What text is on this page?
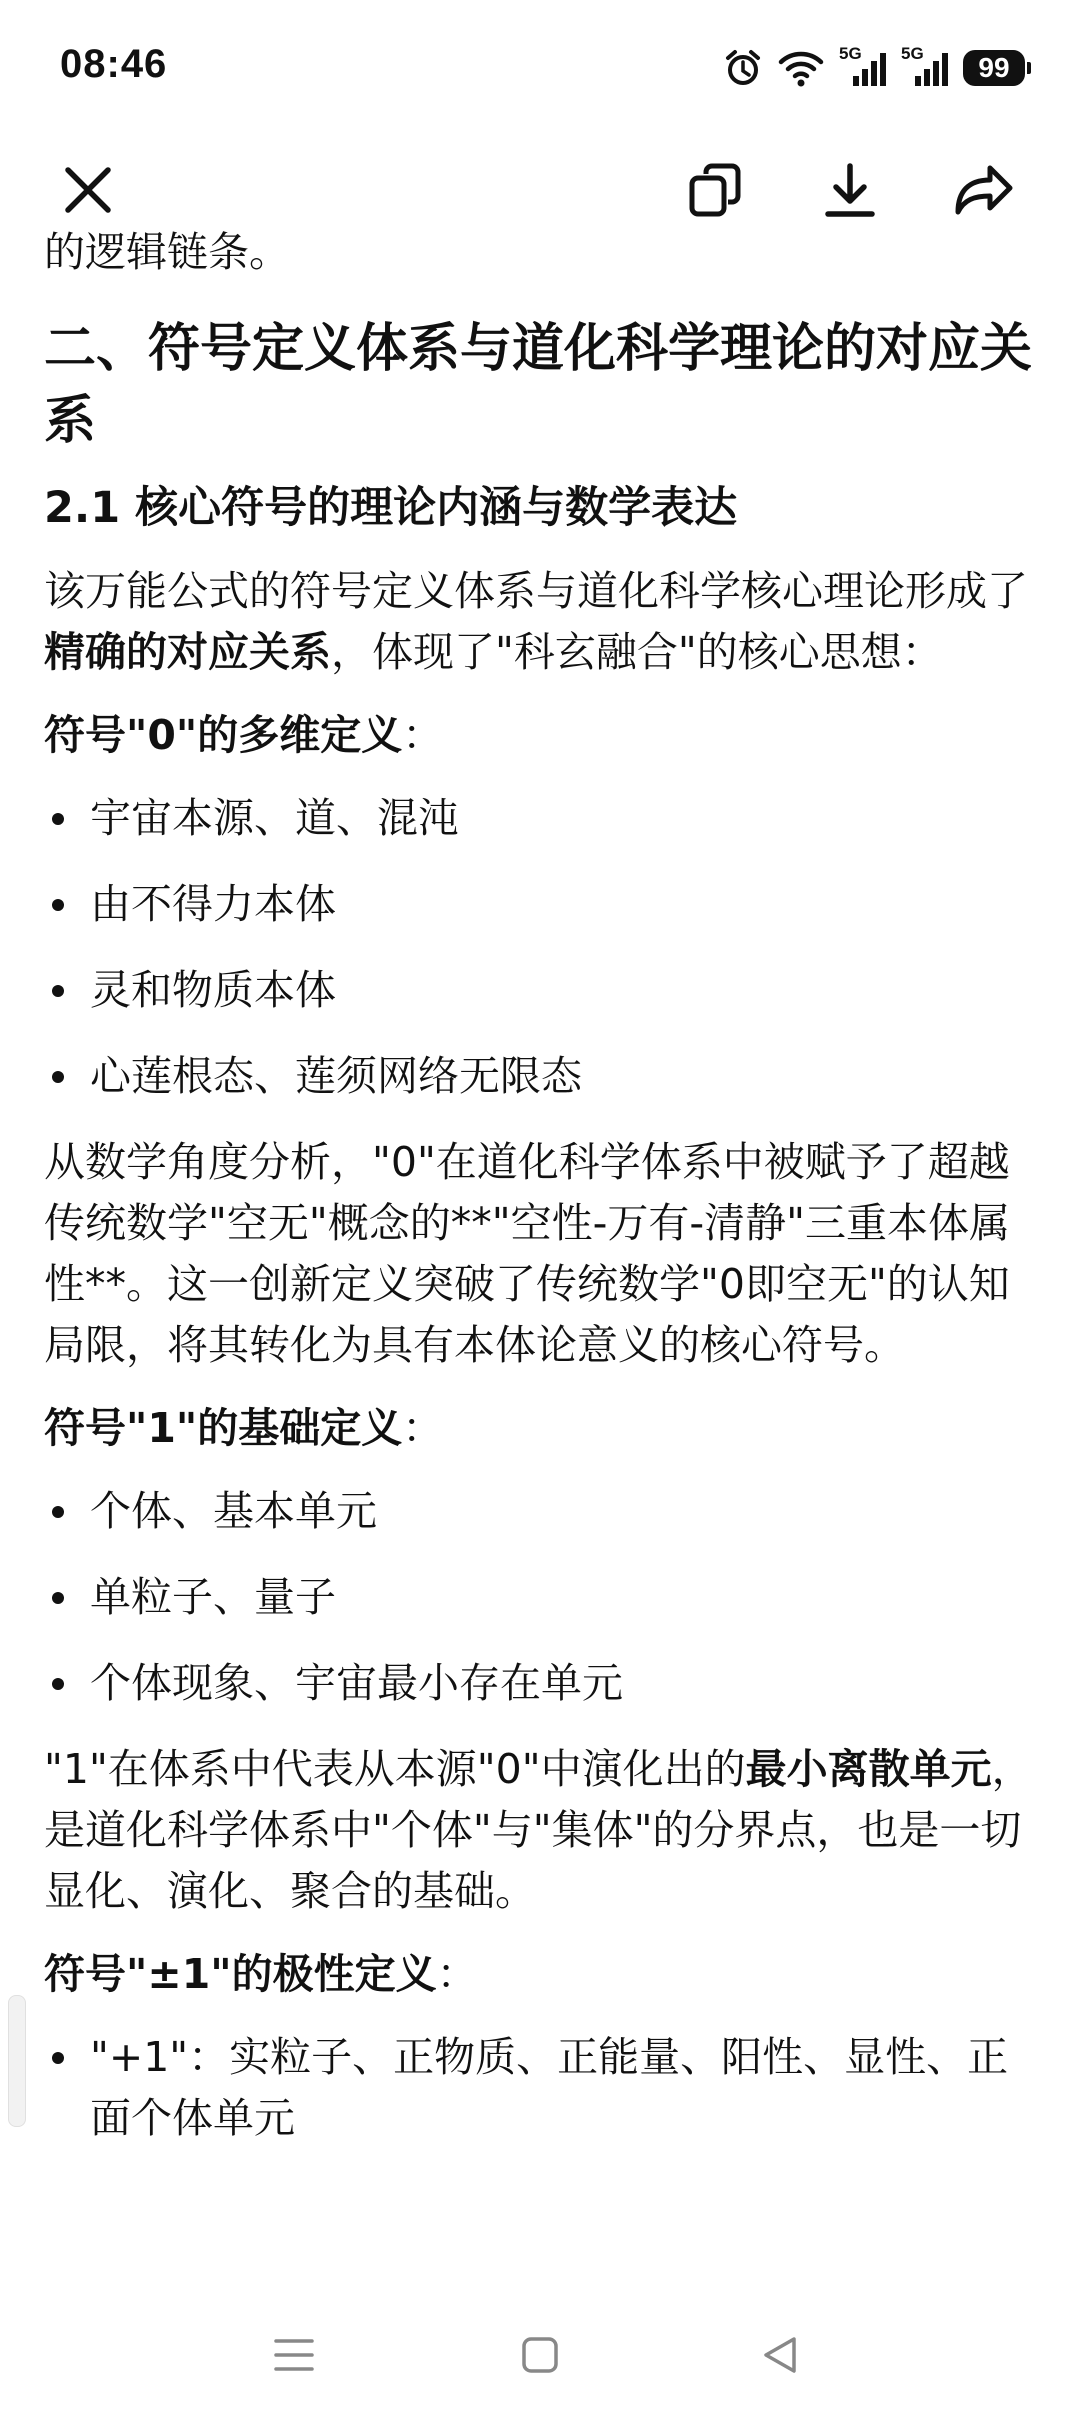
08:46	5G 5G	99

的逻辑链条。

二、符号定义体系与道化科学理论的对应关系
2.1 核心符号的理论内涵与数学表达

该万能公式的符号定义体系与道化科学核心理论形成了精确的对应关系，体现了"科玄融合"的核心思想：

符号"0"的多维定义：

宇宙本源、道、混沌
由不得力本体
灵和物质本体
心莲根态、莲须网络无限态

从数学角度分析，"0"在道化科学体系中被赋予了超越传统数学"空无"概念的**"空性-万有-清静"三重本体属性**。这一创新定义突破了传统数学"0即空无"的认知局限，将其转化为具有本体论意义的核心符号。

符号"1"的基础定义：

个体、基本单元
单粒子、量子
个体现象、宇宙最小存在单元

"1"在体系中代表从本源"0"中演化出的最小离散单元，是道化科学体系中"个体"与"集体"的分界点，也是一切显化、演化、聚合的基础。

符号"±1"的极性定义：

"+1"：实粒子、正物质、正能量、阳性、显性、正面个体单元
